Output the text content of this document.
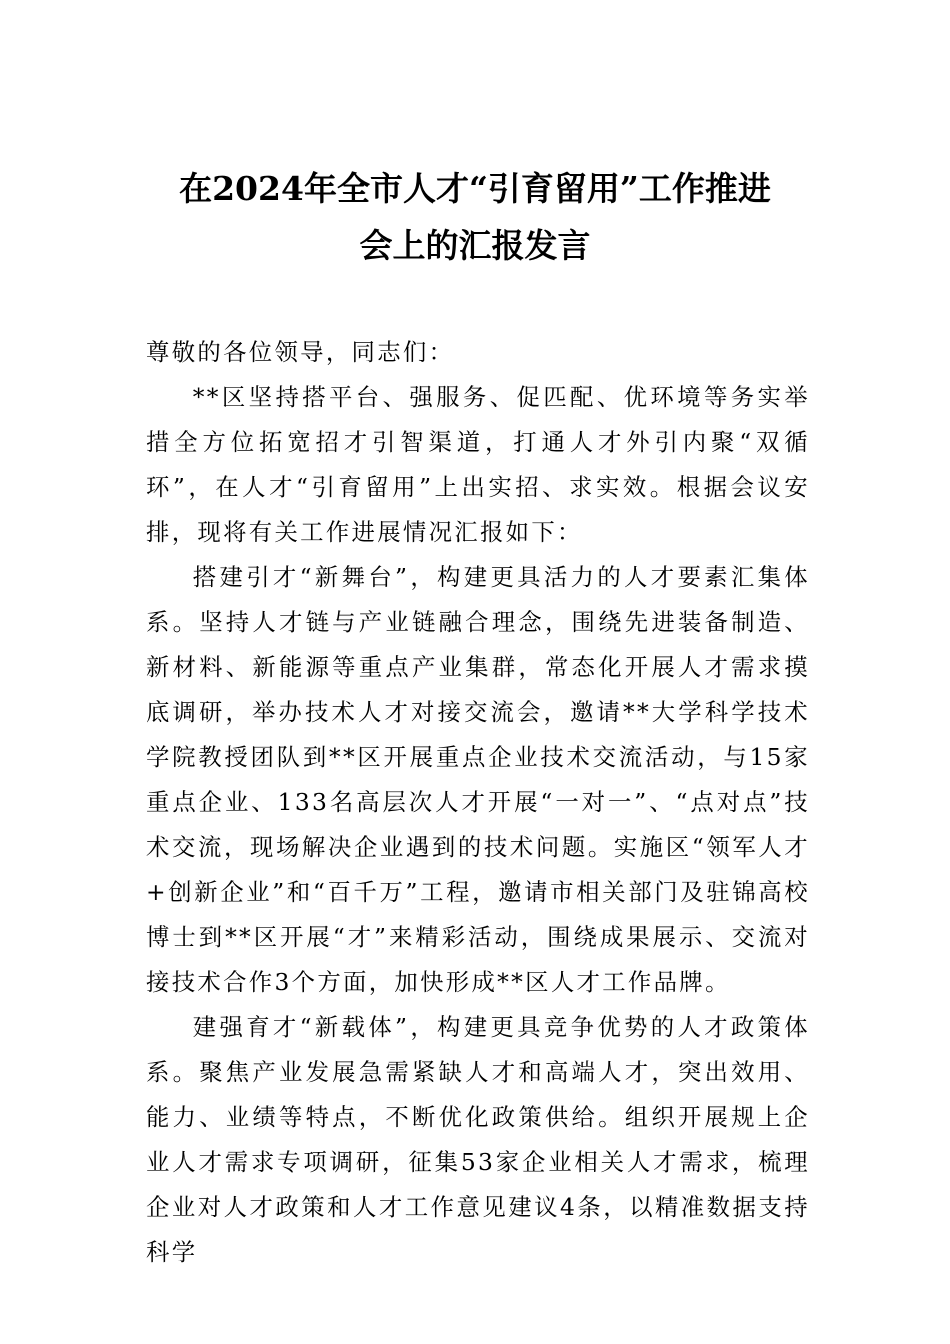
在2024年全市人才“引育留用”工作推进
会上的汇报发言

尊敬的各位领导，同志们：

**区坚持搭平台、强服务、促匹配、优环境等务实举措全方位拓宽招才引智渠道，打通人才外引内聚“双循环”，在人才“引育留用”上出实招、求实效。根据会议安排，现将有关工作进展情况汇报如下：

搭建引才“新舞台”，构建更具活力的人才要素汇集体系。坚持人才链与产业链融合理念，围绕先进装备制造、新材料、新能源等重点产业集群，常态化开展人才需求摸底调研，举办技术人才对接交流会，邀请**大学科学技术学院教授团队到**区开展重点企业技术交流活动，与15家重点企业、133名高层次人才开展“一对一”、“点对点”技术交流，现场解决企业遇到的技术问题。实施区“领军人才+创新企业”和“百千万”工程，邀请市相关部门及驻锦高校博士到**区开展“才”来精彩活动，围绕成果展示、交流对接技术合作3个方面，加快形成**区人才工作品牌。

建强育才“新载体”，构建更具竞争优势的人才政策体系。聚焦产业发展急需紧缺人才和高端人才，突出效用、能力、业绩等特点，不断优化政策供给。组织开展规上企业人才需求专项调研，征集53家企业相关人才需求，梳理企业对人才政策和人才工作意见建议4条，以精准数据支持科学
